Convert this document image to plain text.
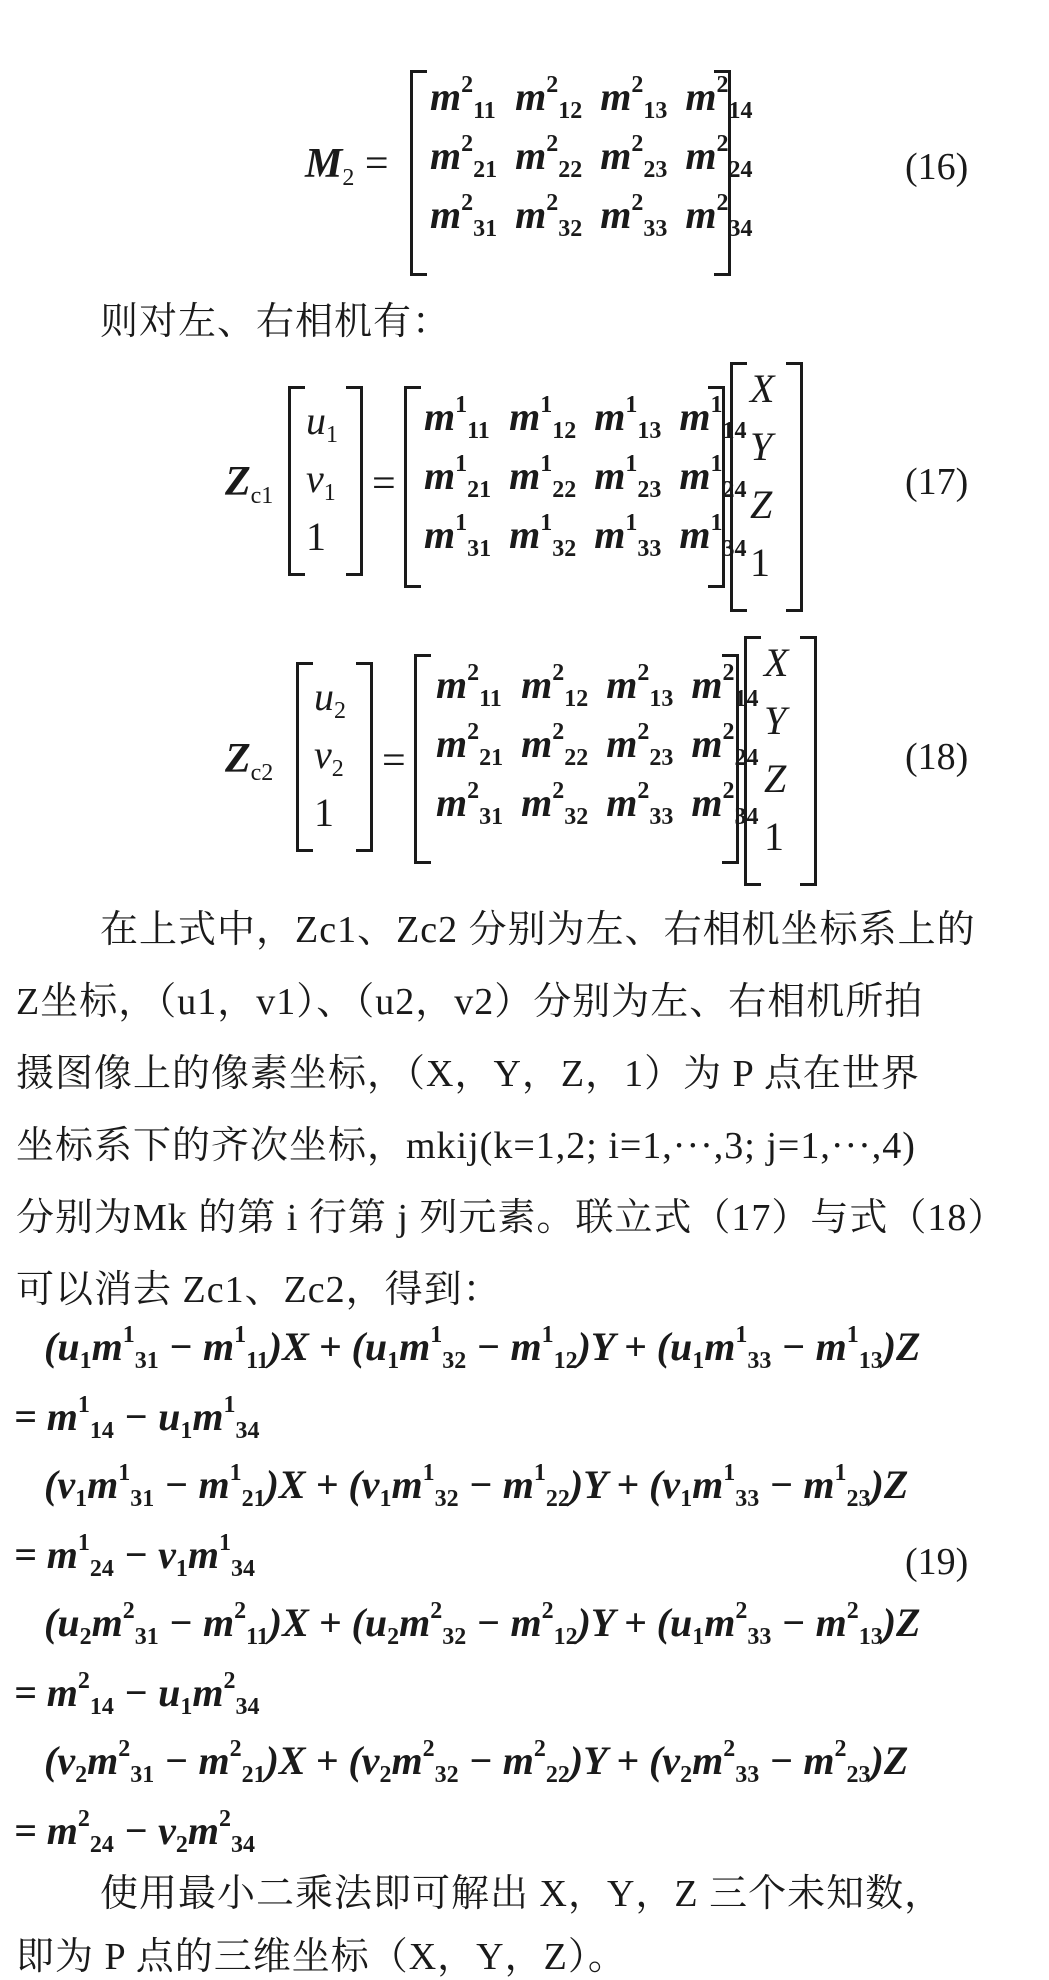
$M_2$ =
$m^2_{11}$ $m^2_{12}$ $m^2_{13}$ $m^2_{14}$
$m^2_{21}$ $m^2_{22}$ $m^2_{23}$ $m^2_{24}$
$m^2_{31}$ $m^2_{32}$ $m^2_{33}$ $m^2_{34}$
(16)
则对左、右相机有：
$Z_{c1}$
$u_1$
$v_1$
1
=
$m^1_{11}$ $m^1_{12}$ $m^1_{13}$ $m^1_{14}$
$m^1_{21}$ $m^1_{22}$ $m^1_{23}$ $m^1_{24}$
$m^1_{31}$ $m^1_{32}$ $m^1_{33}$ $m^1_{34}$
X
Y
Z
1
(17)
$Z_{c2}$
$u_2$
$v_2$
1
=
$m^2_{11}$ $m^2_{12}$ $m^2_{13}$ $m^2_{14}$
$m^2_{21}$ $m^2_{22}$ $m^2_{23}$ $m^2_{24}$
$m^2_{31}$ $m^2_{32}$ $m^2_{33}$ $m^2_{34}$
X
Y
Z
1
(18)
在上式中，Zc1、Zc2 分别为左、右相机坐标系上的
Z坐标，（u1，v1）、（u2，v2）分别为左、右相机所拍
摄图像上的像素坐标，（X，Y，Z，1）为 P 点在世界
坐标系下的齐次坐标，mkij(k=1,2; i=1,···,3; j=1,···,4)
分别为Mk 的第 i 行第 j 列元素。联立式（17）与式（18）
可以消去 Zc1、Zc2，得到：
$(u_1m^1_{31} - m^1_{11})X + (u_1m^1_{32} - m^1_{12})Y + (u_1m^1_{33} - m^1_{13})Z$
= $m^1_{14} - u_1m^1_{34}$
$(v_1m^1_{31} - m^1_{21})X + (v_1m^1_{32} - m^1_{22})Y + (v_1m^1_{33} - m^1_{23})Z$
= $m^1_{24} - v_1m^1_{34}$
$(u_2m^2_{31} - m^2_{11})X + (u_2m^2_{32} - m^2_{12})Y + (u_1m^2_{33} - m^2_{13})Z$
= $m^2_{14} - u_1m^2_{34}$
$(v_2m^2_{31} - m^2_{21})X + (v_2m^2_{32} - m^2_{22})Y + (v_2m^2_{33} - m^2_{23})Z$
= $m^2_{24} - v_2m^2_{34}$
(19)
使用最小二乘法即可解出 X，Y，Z 三个未知数，
即为 P 点的三维坐标（X，Y，Z）。
